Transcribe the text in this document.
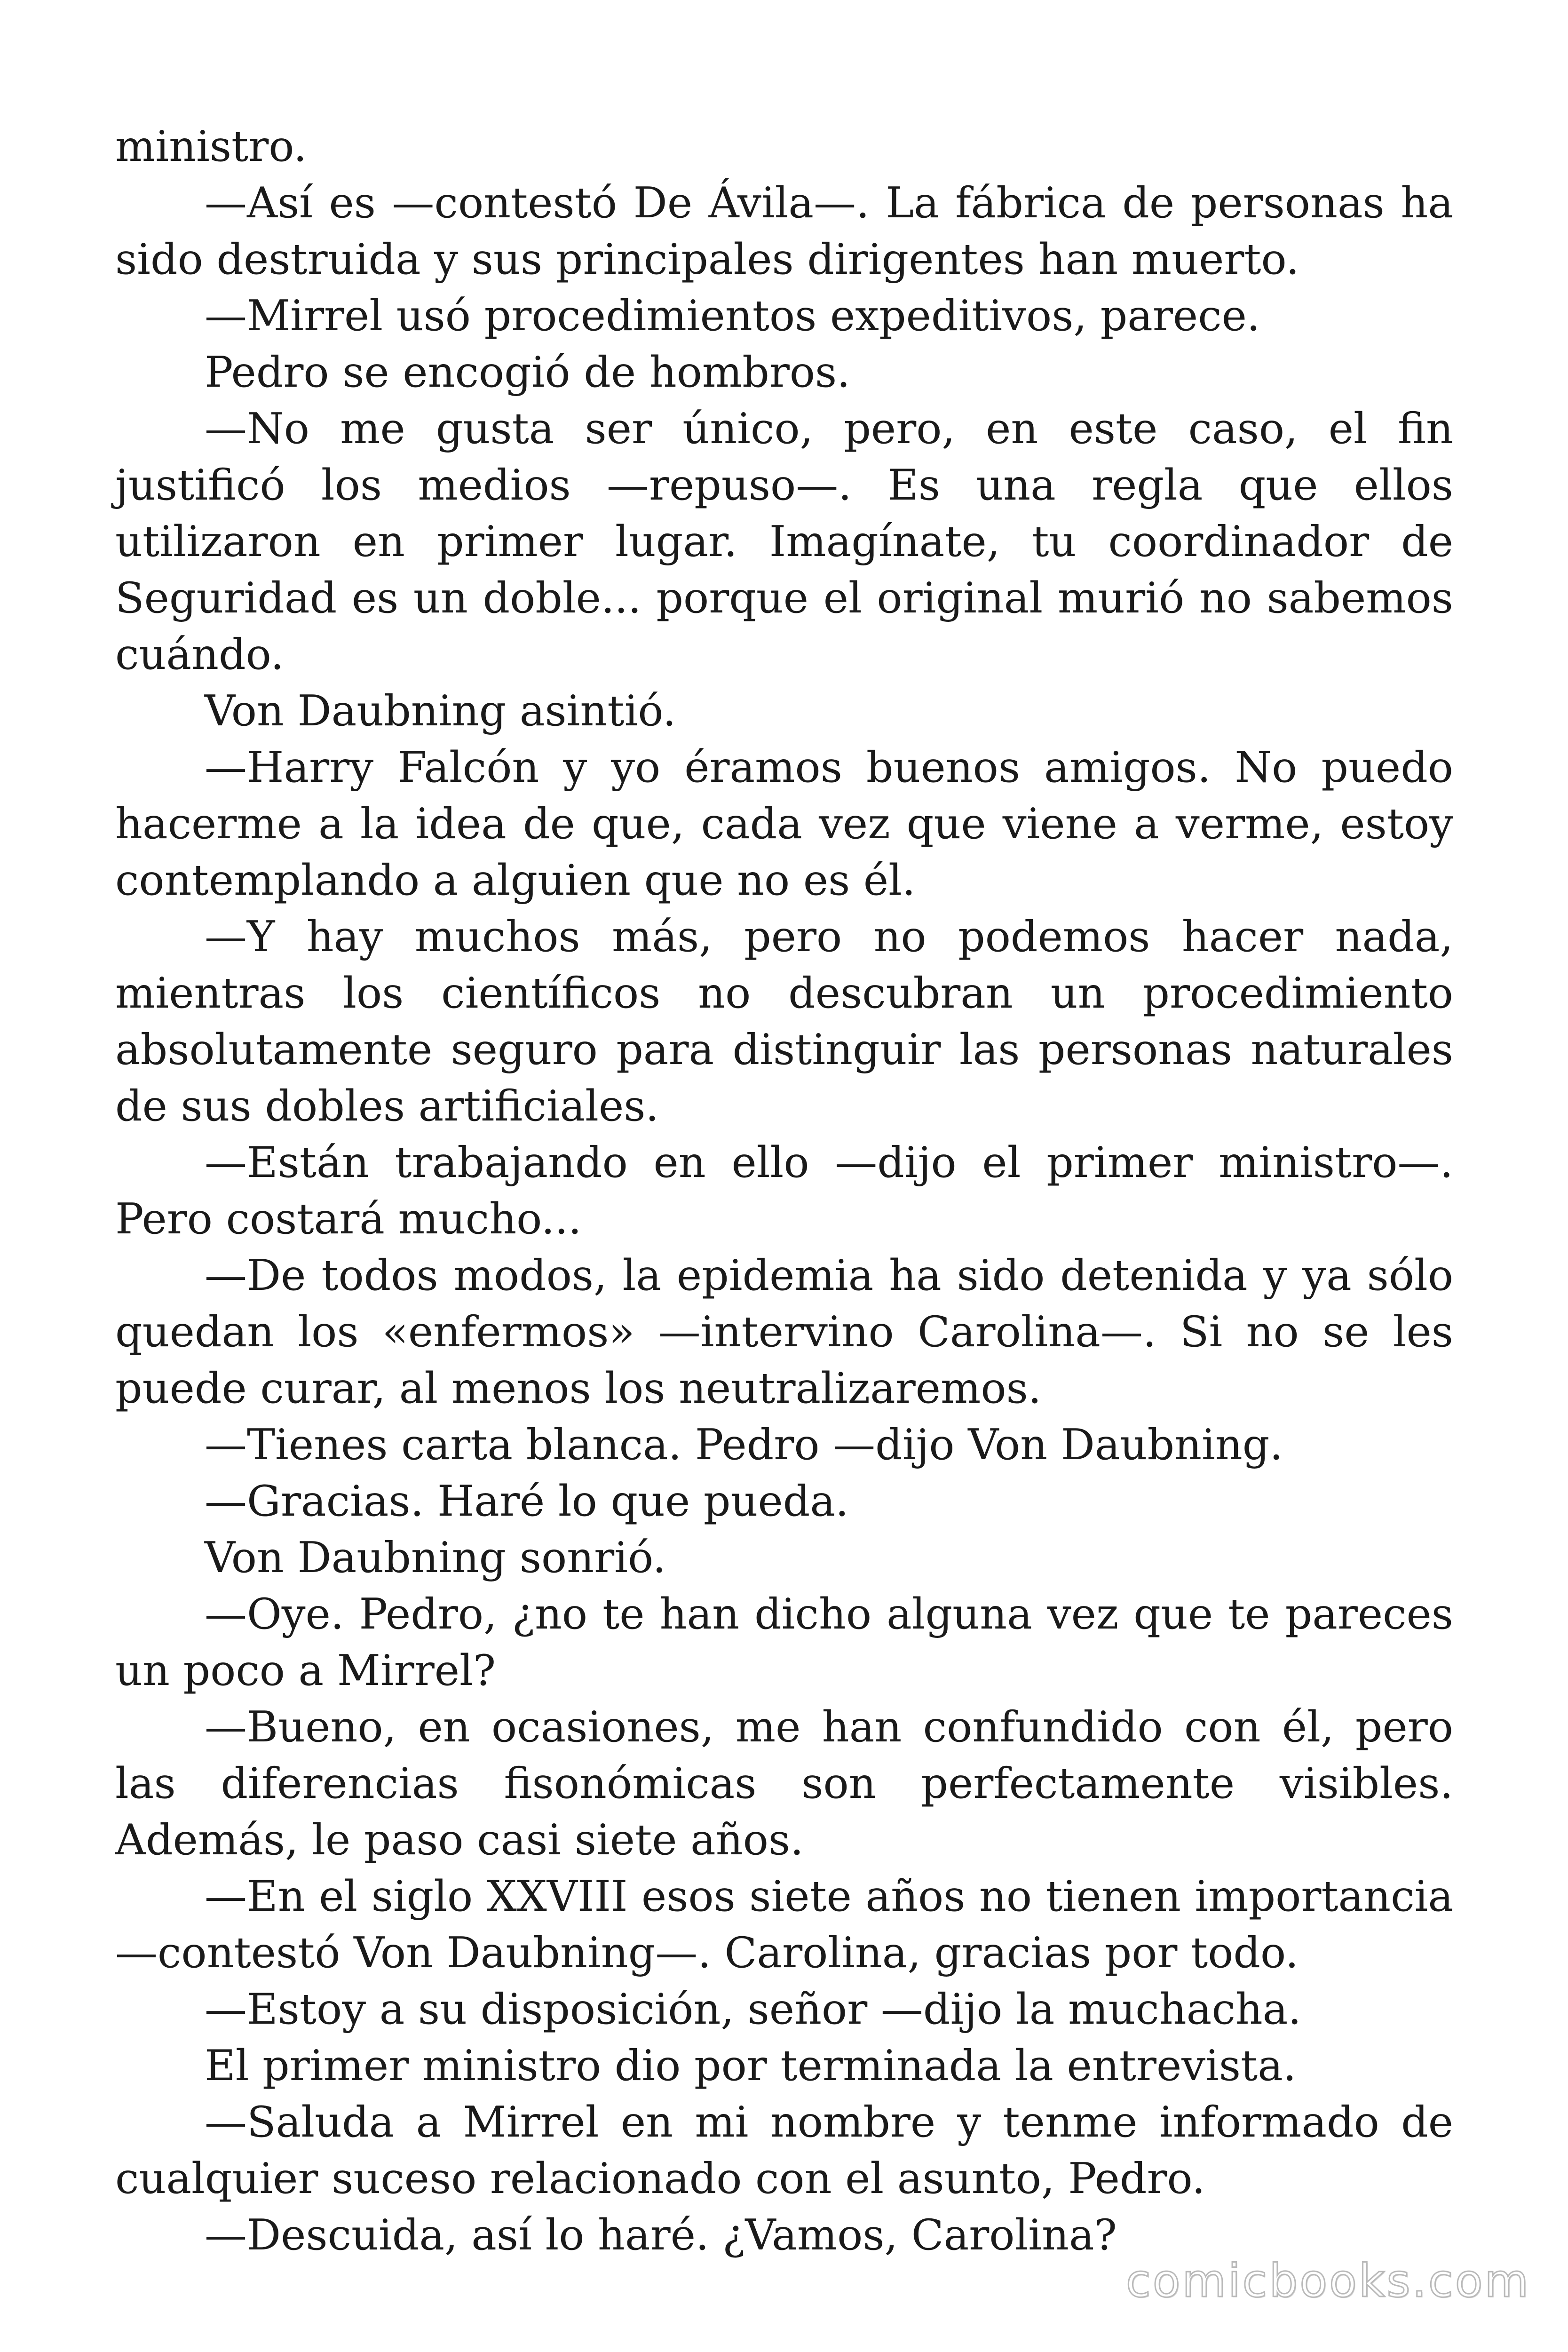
ministro.

—Así es —contestó De Ávila—. La fábrica de personas ha sido destruida y sus principales dirigentes han muerto.

—Mirrel usó procedimientos expeditivos, parece.

Pedro se encogió de hombros.

—No me gusta ser único, pero, en este caso, el fin justificó los medios —repuso—. Es una regla que ellos utilizaron en primer lugar. Imagínate, tu coordinador de Seguridad es un doble... porque el original murió no sabemos cuándo.

Von Daubning asintió.

—Harry Falcón y yo éramos buenos amigos. No puedo hacerme a la idea de que, cada vez que viene a verme, estoy contemplando a alguien que no es él.

—Y hay muchos más, pero no podemos hacer nada, mientras los científicos no descubran un procedimiento absolutamente seguro para distinguir las personas naturales de sus dobles artificiales.

—Están trabajando en ello —dijo el primer ministro—. Pero costará mucho...

—De todos modos, la epidemia ha sido detenida y ya sólo quedan los «enfermos» —intervino Carolina—. Si no se les puede curar, al menos los neutralizaremos.

—Tienes carta blanca. Pedro —dijo Von Daubning.

—Gracias. Haré lo que pueda.

Von Daubning sonrió.

—Oye. Pedro, ¿no te han dicho alguna vez que te pareces un poco a Mirrel?

—Bueno, en ocasiones, me han confundido con él, pero las diferencias fisonómicas son perfectamente visibles. Además, le paso casi siete años.

—En el siglo XXVIII esos siete años no tienen importancia —contestó Von Daubning—. Carolina, gracias por todo.

—Estoy a su disposición, señor —dijo la muchacha.

El primer ministro dio por terminada la entrevista.

—Saluda a Mirrel en mi nombre y tenme informado de cualquier suceso relacionado con el asunto, Pedro.

—Descuida, así lo haré. ¿Vamos, Carolina?

comicbooks.com
